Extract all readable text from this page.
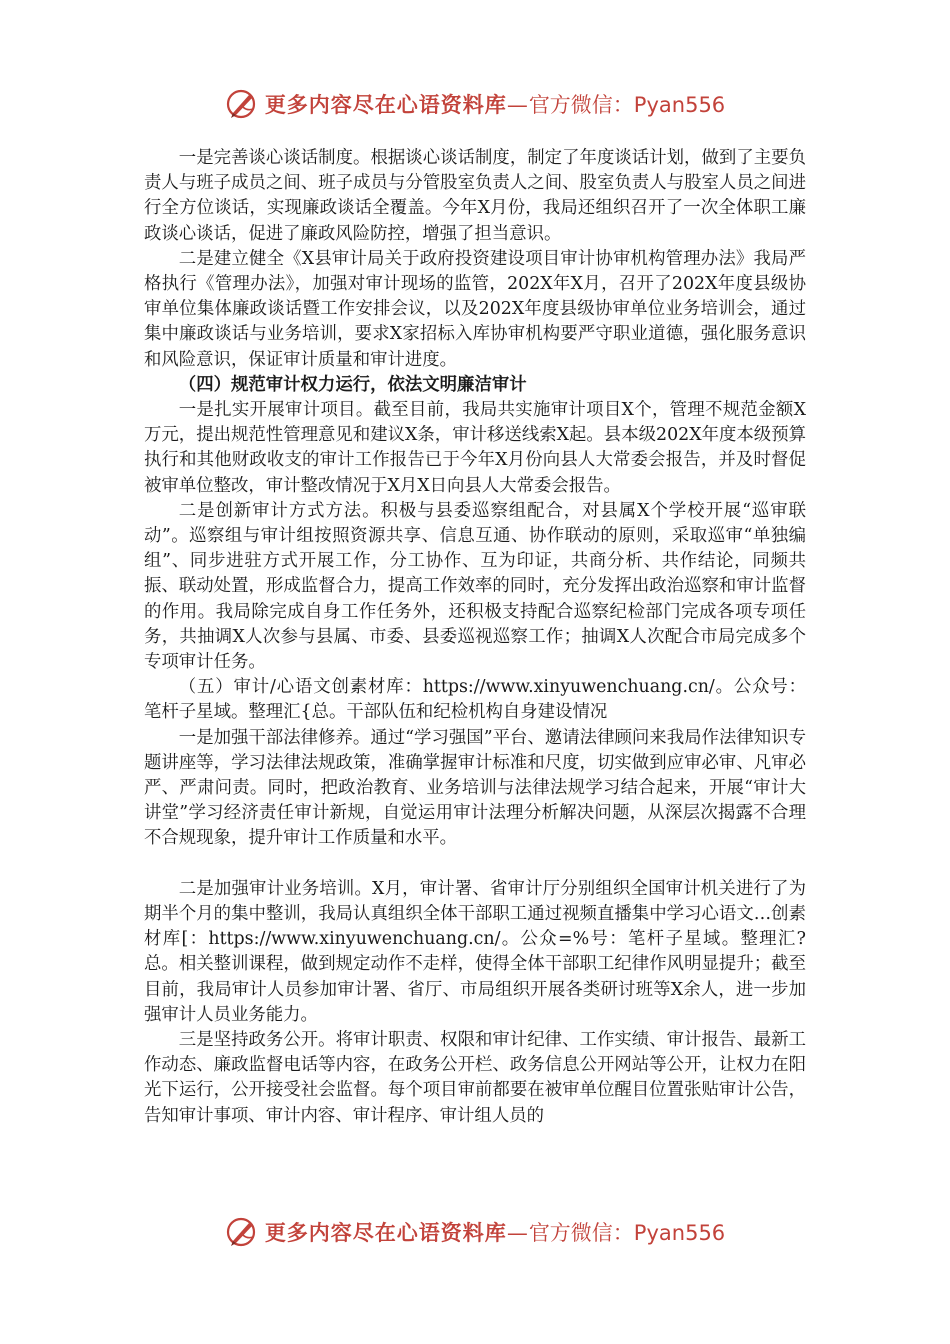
更多内容尽在心语资料库—官方微信：Pyan556

一是完善谈心谈话制度。根据谈心谈话制度，制定了年度谈话计划，做到了主要负责人与班子成员之间、班子成员与分管股室负责人之间、股室负责人与股室人员之间进行全方位谈话，实现廉政谈话全覆盖。今年X月份，我局还组织召开了一次全体职工廉政谈心谈话，促进了廉政风险防控，增强了担当意识。

二是建立健全《X县审计局关于政府投资建设项目审计协审机构管理办法》我局严格执行《管理办法》，加强对审计现场的监管，202X年X月，召开了202X年度县级协审单位集体廉政谈话暨工作安排会议，以及202X年度县级协审单位业务培训会，通过集中廉政谈话与业务培训，要求X家招标入库协审机构要严守职业道德，强化服务意识和风险意识，保证审计质量和审计进度。

（四）规范审计权力运行，依法文明廉洁审计

一是扎实开展审计项目。截至目前，我局共实施审计项目X个，管理不规范金额X万元，提出规范性管理意见和建议X条，审计移送线索X起。县本级202X年度本级预算执行和其他财政收支的审计工作报告已于今年X月份向县人大常委会报告，并及时督促被审单位整改，审计整改情况于X月X日向县人大常委会报告。

二是创新审计方式方法。积极与县委巡察组配合，对县属X个学校开展“巡审联动”。巡察组与审计组按照资源共享、信息互通、协作联动的原则，采取巡审“单独编组”、同步进驻方式开展工作，分工协作、互为印证，共商分析、共作结论，同频共振、联动处置，形成监督合力，提高工作效率的同时，充分发挥出政治巡察和审计监督的作用。我局除完成自身工作任务外，还积极支持配合巡察纪检部门完成各项专项任务，共抽调X人次参与县属、市委、县委巡视巡察工作；抽调X人次配合市局完成多个专项审计任务。

（五）审计/心语文创素材库：https://www.xinyuwenchuang.cn/。公众号：笔杆子星域。整理汇{总。干部队伍和纪检机构自身建设情况

一是加强干部法律修养。通过“学习强国”平台、邀请法律顾问来我局作法律知识专题讲座等，学习法律法规政策，准确掌握审计标准和尺度，切实做到应审必审、凡审必严、严肃问责。同时，把政治教育、业务培训与法律法规学习结合起来，开展“审计大讲堂”学习经济责任审计新规，自觉运用审计法理分析解决问题，从深层次揭露不合理不合规现象，提升审计工作质量和水平。

二是加强审计业务培训。X月，审计署、省审计厅分别组织全国审计机关进行了为期半个月的集中整训，我局认真组织全体干部职工通过视频直播集中学习心语文…创素材库[：https://www.xinyuwenchuang.cn/。公众=%号：笔杆子星域。整理汇?总。相关整训课程，做到规定动作不走样，使得全体干部职工纪律作风明显提升；截至目前，我局审计人员参加审计署、省厅、市局组织开展各类研讨班等X余人，进一步加强审计人员业务能力。

三是坚持政务公开。将审计职责、权限和审计纪律、工作实绩、审计报告、最新工作动态、廉政监督电话等内容，在政务公开栏、政务信息公开网站等公开，让权力在阳光下运行，公开接受社会监督。每个项目审前都要在被审单位醒目位置张贴审计公告，告知审计事项、审计内容、审计程序、审计组人员的

更多内容尽在心语资料库—官方微信：Pyan556
